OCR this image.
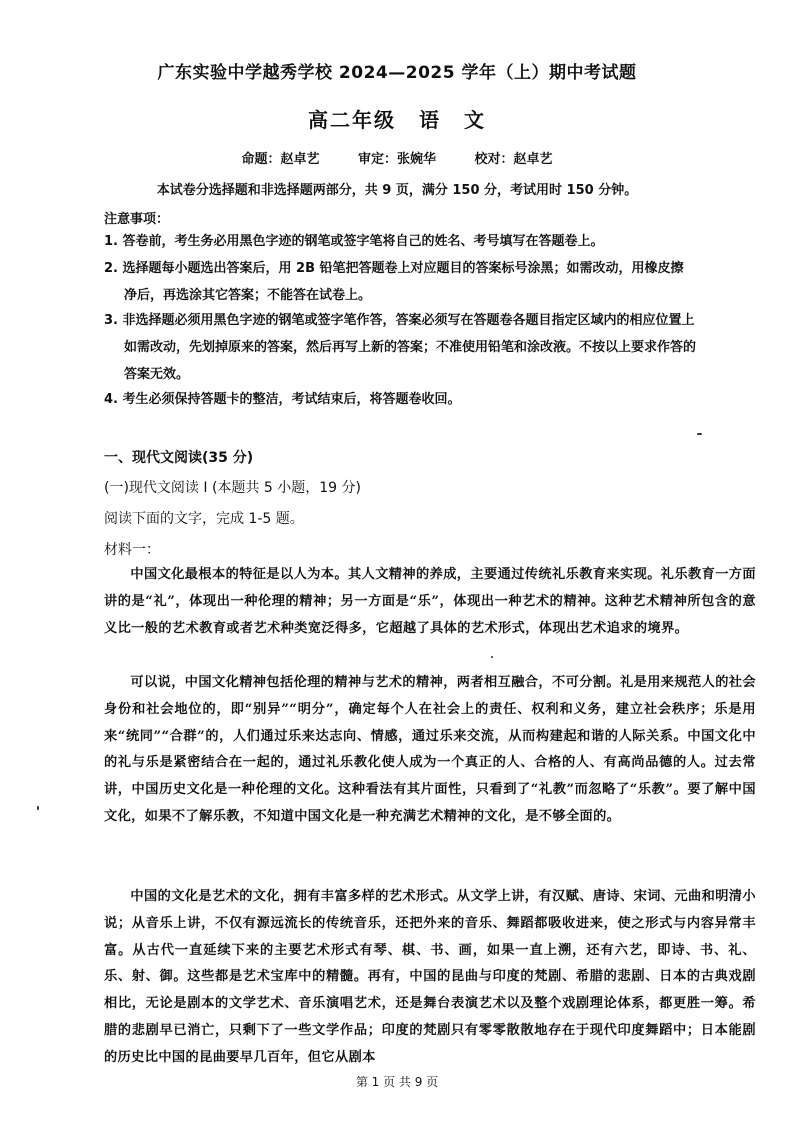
广东实验中学越秀学校 2024—2025 学年（上）期中考试题
高二年级 语 文
命题：赵卓艺	审定：张婉华	校对：赵卓艺
本试卷分选择题和非选择题两部分，共 9 页，满分 150 分，考试用时 150 分钟。
注意事项：
1. 答卷前，考生务必用黑色字迹的钢笔或签字笔将自己的姓名、考号填写在答题卷上。
2. 选择题每小题选出答案后，用 2B 铅笔把答题卷上对应题目的答案标号涂黑；如需改动，用橡皮擦
净后，再选涂其它答案；不能答在试卷上。
3. 非选择题必须用黑色字迹的钢笔或签字笔作答，答案必须写在答题卷各题目指定区域内的相应位置上
如需改动，先划掉原来的答案，然后再写上新的答案；不准使用铅笔和涂改液。不按以上要求作答的
答案无效。
4. 考生必须保持答题卡的整洁，考试结束后，将答题卷收回。
一、现代文阅读(35 分)
(一)现代文阅读 I (本题共 5 小题，19 分)
阅读下面的文字，完成 1-5 题。
材料一：
中国文化最根本的特征是以人为本。其人文精神的养成，主要通过传统礼乐教育来实现。礼乐教育一方面讲的是“礼”，体现出一种伦理的精神；另一方面是“乐”，体现出一种艺术的精神。这种艺术精神所包含的意义比一般的艺术教育或者艺术种类宽泛得多，它超越了具体的艺术形式，体现出艺术追求的境界。
可以说，中国文化精神包括伦理的精神与艺术的精神，两者相互融合，不可分割。礼是用来规范人的社会身份和社会地位的，即“别异”“明分”，确定每个人在社会上的责任、权利和义务，建立社会秩序；乐是用来“统同”“合群”的，人们通过乐来达志向、情感，通过乐来交流，从而构建起和谐的人际关系。中国文化中的礼与乐是紧密结合在一起的，通过礼乐教化使人成为一个真正的人、合格的人、有高尚品德的人。过去常讲，中国历史文化是一种伦理的文化。这种看法有其片面性，只看到了“礼教”而忽略了“乐教”。要了解中国文化，如果不了解乐教，不知道中国文化是一种充满艺术精神的文化，是不够全面的。
中国的文化是艺术的文化，拥有丰富多样的艺术形式。从文学上讲，有汉赋、唐诗、宋词、元曲和明清小说；从音乐上讲，不仅有源远流长的传统音乐，还把外来的音乐、舞蹈都吸收进来，使之形式与内容异常丰富。从古代一直延续下来的主要艺术形式有琴、棋、书、画，如果一直上溯，还有六艺，即诗、书、礼、乐、射、御。这些都是艺术宝库中的精髓。再有，中国的昆曲与印度的梵剧、希腊的悲剧、日本的古典戏剧相比，无论是剧本的文学艺术、音乐演唱艺术，还是舞台表演艺术以及整个戏剧理论体系，都更胜一筹。希腊的悲剧早已消亡，只剩下了一些文学作品；印度的梵剧只有零零散散地存在于现代印度舞蹈中；日本能剧的历史比中国的昆曲要早几百年，但它从剧本
第 1 页 共 9 页
